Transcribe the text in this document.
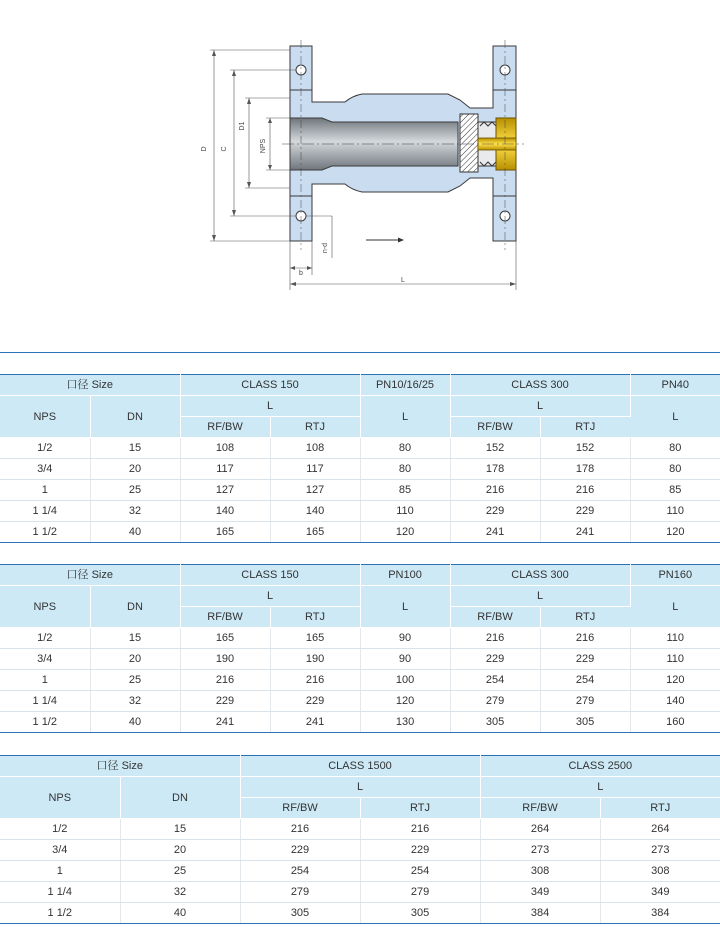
D C
D1
NPS
n-d
b
L
口径 Size		CLASS 150		PN10/16/25	CLASS 300		PN40
NPS	DN	L		L	L		L
		RF/BW	RTJ		RF/BW	RTJ	
1/2	15	108	108	80	152	152	80
3/4	20	117	117	80	178	178	80
1	25	127	127	85	216	216	85
1 1/4	32	140	140	110	229	229	110
1 1/2	40	165	165	120	241	241	120
口径 Size		CLASS 150		PN100	CLASS 300		PN160
NPS	DN	L		L	L		L
		RF/BW	RTJ		RF/BW	RTJ	
1/2	15	165	165	90	216	216	110
3/4	20	190	190	90	229	229	110
1	25	216	216	100	254	254	120
1 1/4	32	229	229	120	279	279	140
1 1/2	40	241	241	130	305	305	160
口径 Size		CLASS 1500		CLASS 2500	
NPS	DN	L		L	
		RF/BW	RTJ	RF/BW	RTJ
1/2	15	216	216	264	264
3/4	20	229	229	273	273
1	25	254	254	308	308
1 1/4	32	279	279	349	349
1 1/2	40	305	305	384	384
